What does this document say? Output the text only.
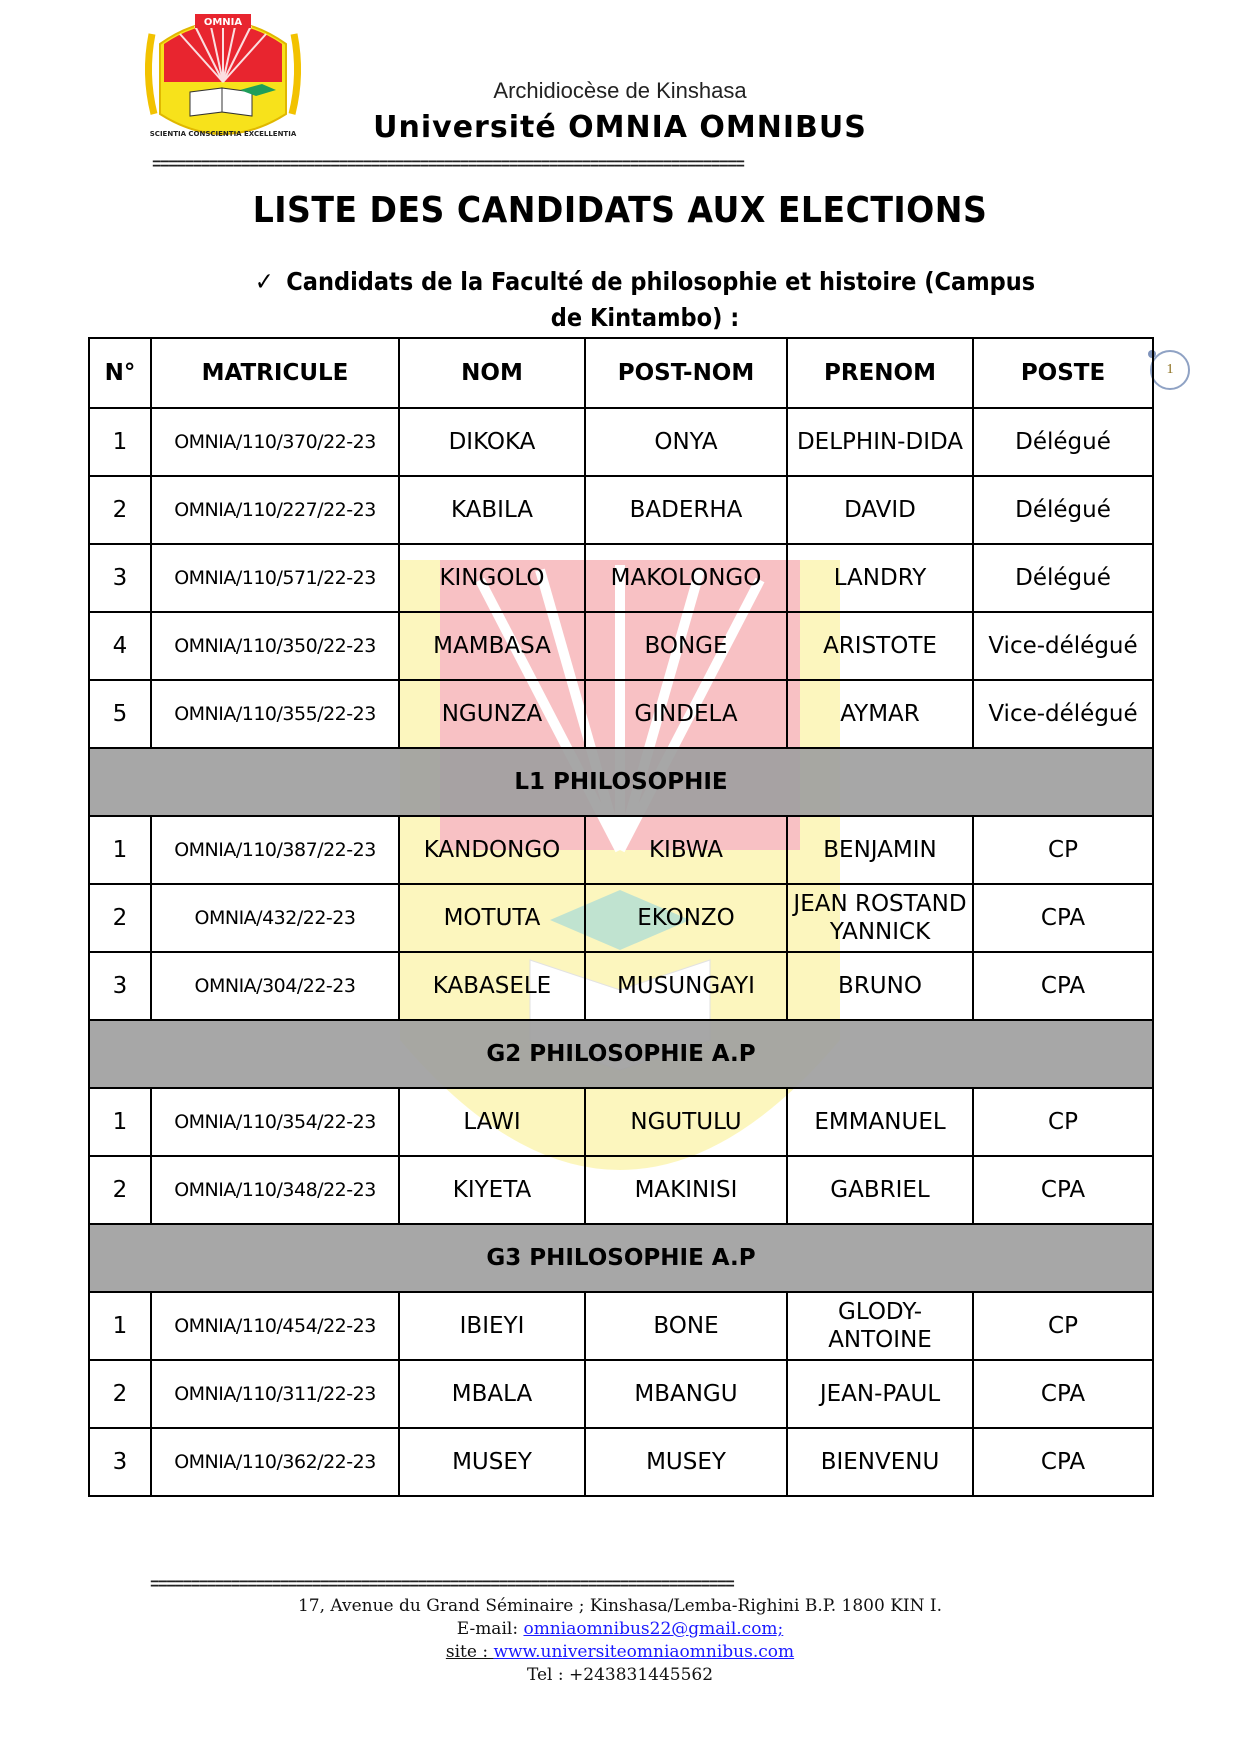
OMNIA
SCIENTIA CONSCIENTIA EXCELLENTIA
Archidiocèse de Kinshasa
Université OMNIA OMNIBUS
=========================================================================
LISTE DES CANDIDATS AUX ELECTIONS
✓ Candidats de la Faculté de philosophie et histoire (Campus de Kintambo) :
1
N°	MATRICULE	NOM	POST-NOM	PRENOM	POSTE
1	OMNIA/110/370/22-23	DIKOKA	ONYA	DELPHIN-DIDA	Délégué
2	OMNIA/110/227/22-23	KABILA	BADERHA	DAVID	Délégué
3	OMNIA/110/571/22-23	KINGOLO	MAKOLONGO	LANDRY	Délégué
4	OMNIA/110/350/22-23	MAMBASA	BONGE	ARISTOTE	Vice-délégué
5	OMNIA/110/355/22-23	NGUNZA	GINDELA	AYMAR	Vice-délégué
L1 PHILOSOPHIE					
1	OMNIA/110/387/22-23	KANDONGO	KIBWA	BENJAMIN	CP
2	OMNIA/432/22-23	MOTUTA	EKONZO	JEAN ROSTAND YANNICK	CPA
3	OMNIA/304/22-23	KABASELE	MUSUNGAYI	BRUNO	CPA
G2 PHILOSOPHIE A.P					
1	OMNIA/110/354/22-23	LAWI	NGUTULU	EMMANUEL	CP
2	OMNIA/110/348/22-23	KIYETA	MAKINISI	GABRIEL	CPA
G3 PHILOSOPHIE A.P					
1	OMNIA/110/454/22-23	IBIEYI	BONE	GLODY-ANTOINE	CP
2	OMNIA/110/311/22-23	MBALA	MBANGU	JEAN-PAUL	CPA
3	OMNIA/110/362/22-23	MUSEY	MUSEY	BIENVENU	CPA
========================================================================
17, Avenue du Grand Séminaire ; Kinshasa/Lemba-Righini B.P. 1800 KIN I.
E-mail: omniaomnibus22@gmail.com;
site : www.universiteomniaomnibus.com
Tel : +243831445562
